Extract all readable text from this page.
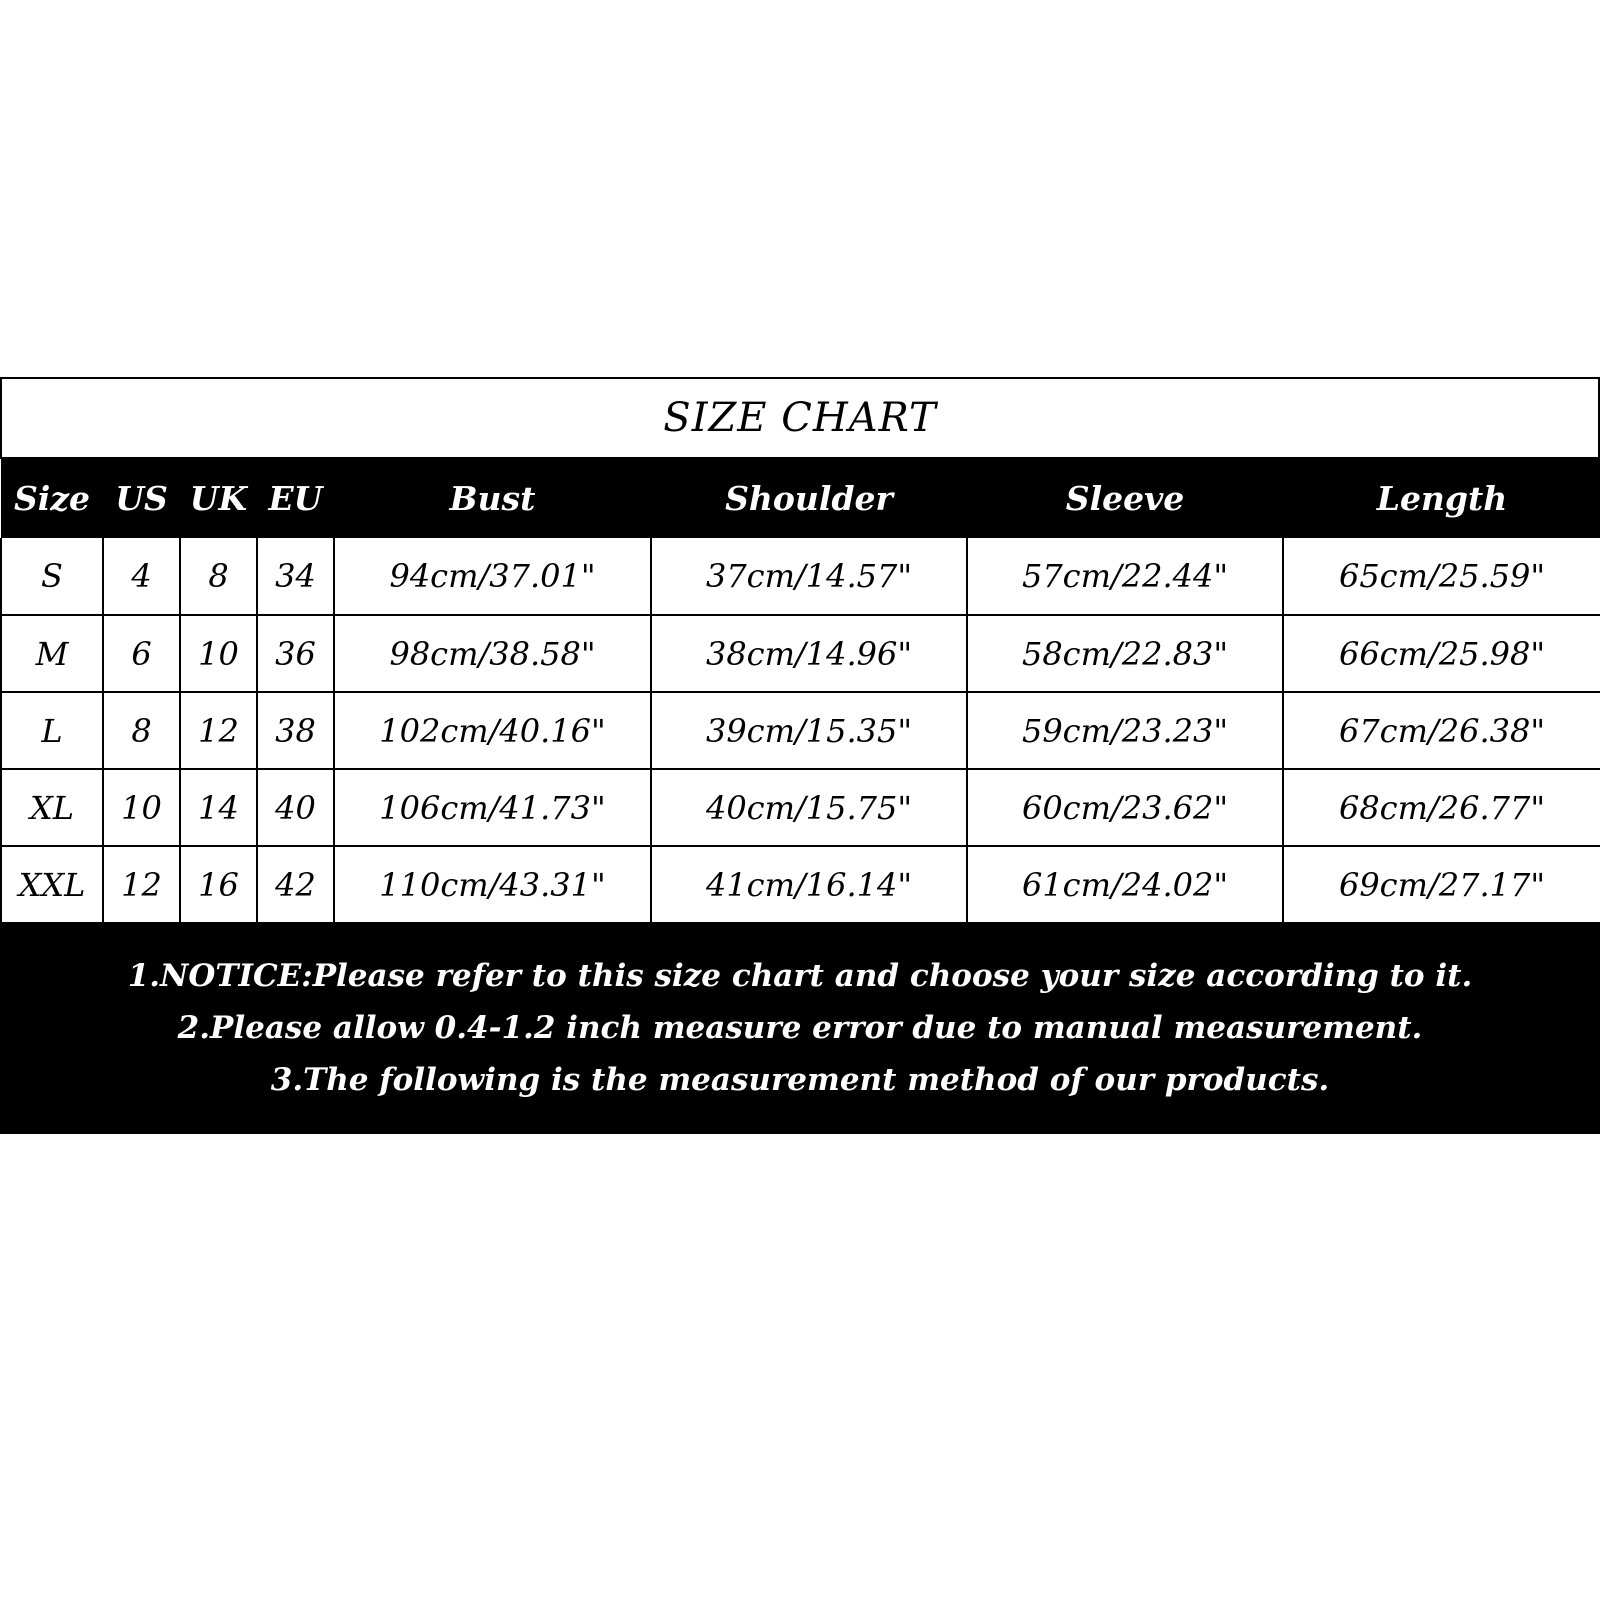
SIZE CHART
Size	US	UK	EU	Bust	Shoulder	Sleeve	Length
S	4	8	34	94cm/37.01"	37cm/14.57"	57cm/22.44"	65cm/25.59"
M	6	10	36	98cm/38.58"	38cm/14.96"	58cm/22.83"	66cm/25.98"
L	8	12	38	102cm/40.16"	39cm/15.35"	59cm/23.23"	67cm/26.38"
XL	10	14	40	106cm/41.73"	40cm/15.75"	60cm/23.62"	68cm/26.77"
XXL	12	16	42	110cm/43.31"	41cm/16.14"	61cm/24.02"	69cm/27.17"
1.NOTICE:Please refer to this size chart and choose your size according to it.
2.Please allow 0.4-1.2 inch measure error due to manual measurement.
3.The following is the measurement method of our products.
